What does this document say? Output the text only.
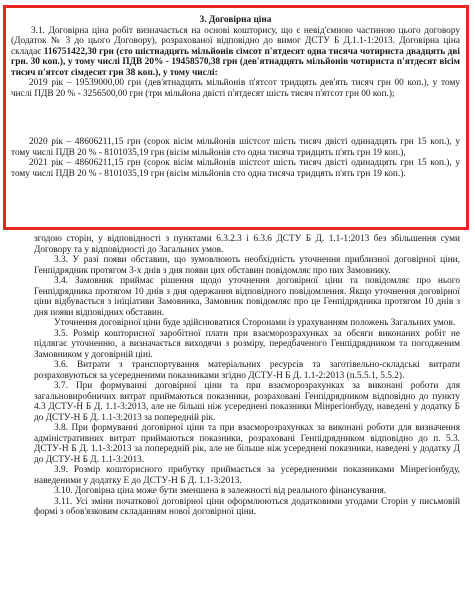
3. Договірна ціна

3.1. Договірна ціна робіт визначається на основі кошторису, що є невід'ємною частиною цього договору (Додаток № 3 до цього Договору), розрахованої відповідно до вимог ДСТУ Б Д.1.1-1:2013. Договірна ціна складає 116751422,30 грн (сто шістнадцять мільйонів сімсот п'ятдесят одна тисяча чотириста двадцять дві грн. 30 коп.), у тому числі ПДВ 20% - 19458570,38 грн (дев'ятнадцять мільйонів чотириста п'ятдесят вісім тисяч п'ятсот сімдесят грн 38 коп.), у тому числі:

2019 рік – 19539000,00 грн (дев'ятнадцять мільйонів п'ятсот тридцять дев'ять тисяч грн 00 коп.), у тому числі ПДВ 20 % - 3256500,00 грн (три мільйона двісті п'ятдесят шість тисяч п'ятсот грн 00 коп.);

2020 рік – 48606211,15 грн (сорок вісім мільйонів шістсот шість тисяч двісті одинадцять грн 15 коп.), у тому числі ПДВ 20 % - 8101035,19 грн (вісім мільйонів сто одна тисяча тридцять п'ять грн 19 коп.),

2021 рік – 48606211,15 грн (сорок вісім мільйонів шістсот шість тисяч двісті одинадцять грн 15 коп.), у тому числі ПДВ 20 % - 8101035,19 грн (вісім мільйонів сто одна тисяча тридцять п'ять грн 19 коп.).

згодою сторін, у відповідності з пунктами 6.3.2.3 і 6.3.6 ДСТУ Б Д. 1.1-1:2013 без збільшення суми Договору та у відповідності до Загальних умов.

3.3. У разі появи обставин, що зумовлюють необхідність уточнення приблизної договірної ціни, Генпідрядник протягом 3-х днів з дня появи цих обставин повідомляє про них Замовнику.

3.4. Замовник приймає рішення щодо уточнення договірної ціни та повідомляє про нього Генпідрядника протягом 10 днів з дня одержання відповідного повідомлення. Якщо уточнення договірної ціни відбувається з ініціативи Замовника, Замовник повідомляє про це Генпідрядника протягом 10 днів з дня появи відповідних обставин.

Уточнення договірної ціни буде здійснюватися Сторонами із урахуванням положень Загальних умов.

3.5. Розмір кошторисної заробітної плати при взаєморозрахунках за обсяги виконаних робіт не підлягає уточненню, а визначається виходячи з розміру, передбаченого Генпідрядником та погодженим Замовником у договірній ціні.

3.6. Витрати з транспортування матеріальних ресурсів та заготівельно-складські витрати розраховуються за усередненими показниками згідно ДСТУ-Н Б Д. 1.1-2:2013 (п.5.5.1, 5.5.2).

3.7. При формуванні договірної ціни та при взаєморозрахунках за виконані роботи для загальновиробничих витрат приймаються показники, розраховані Генпідрядником відповідно до пункту 4.3 ДСТУ-Н Б Д. 1.1-3:2013, але не більші ніж усереднені показники Мінрегіонбуду, наведені у додатку Б до ДСТУ-Н Б Д. 1.1-3:2013 за попередній рік.

3.8. При формуванні договірної ціни та при взаєморозрахунках за виконані роботи для визначення адміністративних витрат приймаються показники, розраховані Генпідрядником відповідно до п. 5.3. ДСТУ-Н Б Д. 1.1-3:2013 за попередній рік, але не більше ніж усереднені показники, наведені у додатку Д до ДСТУ-Н Б Д. 1.1-3:2013.

3.9. Розмір кошторисного прибутку приймається за усередненими показниками Мінрегіонбуду, наведеними у додатку Е до ДСТУ-Н Б Д. 1.1-3:2013.

3.10. Договірна ціна може бути зменшена в залежності від реального фінансування.

3.11. Усі зміни початкової договірної ціни оформлюються додатковими угодами Сторін у письмовій формі з обов'язковим складанням нової договірної ціни.
